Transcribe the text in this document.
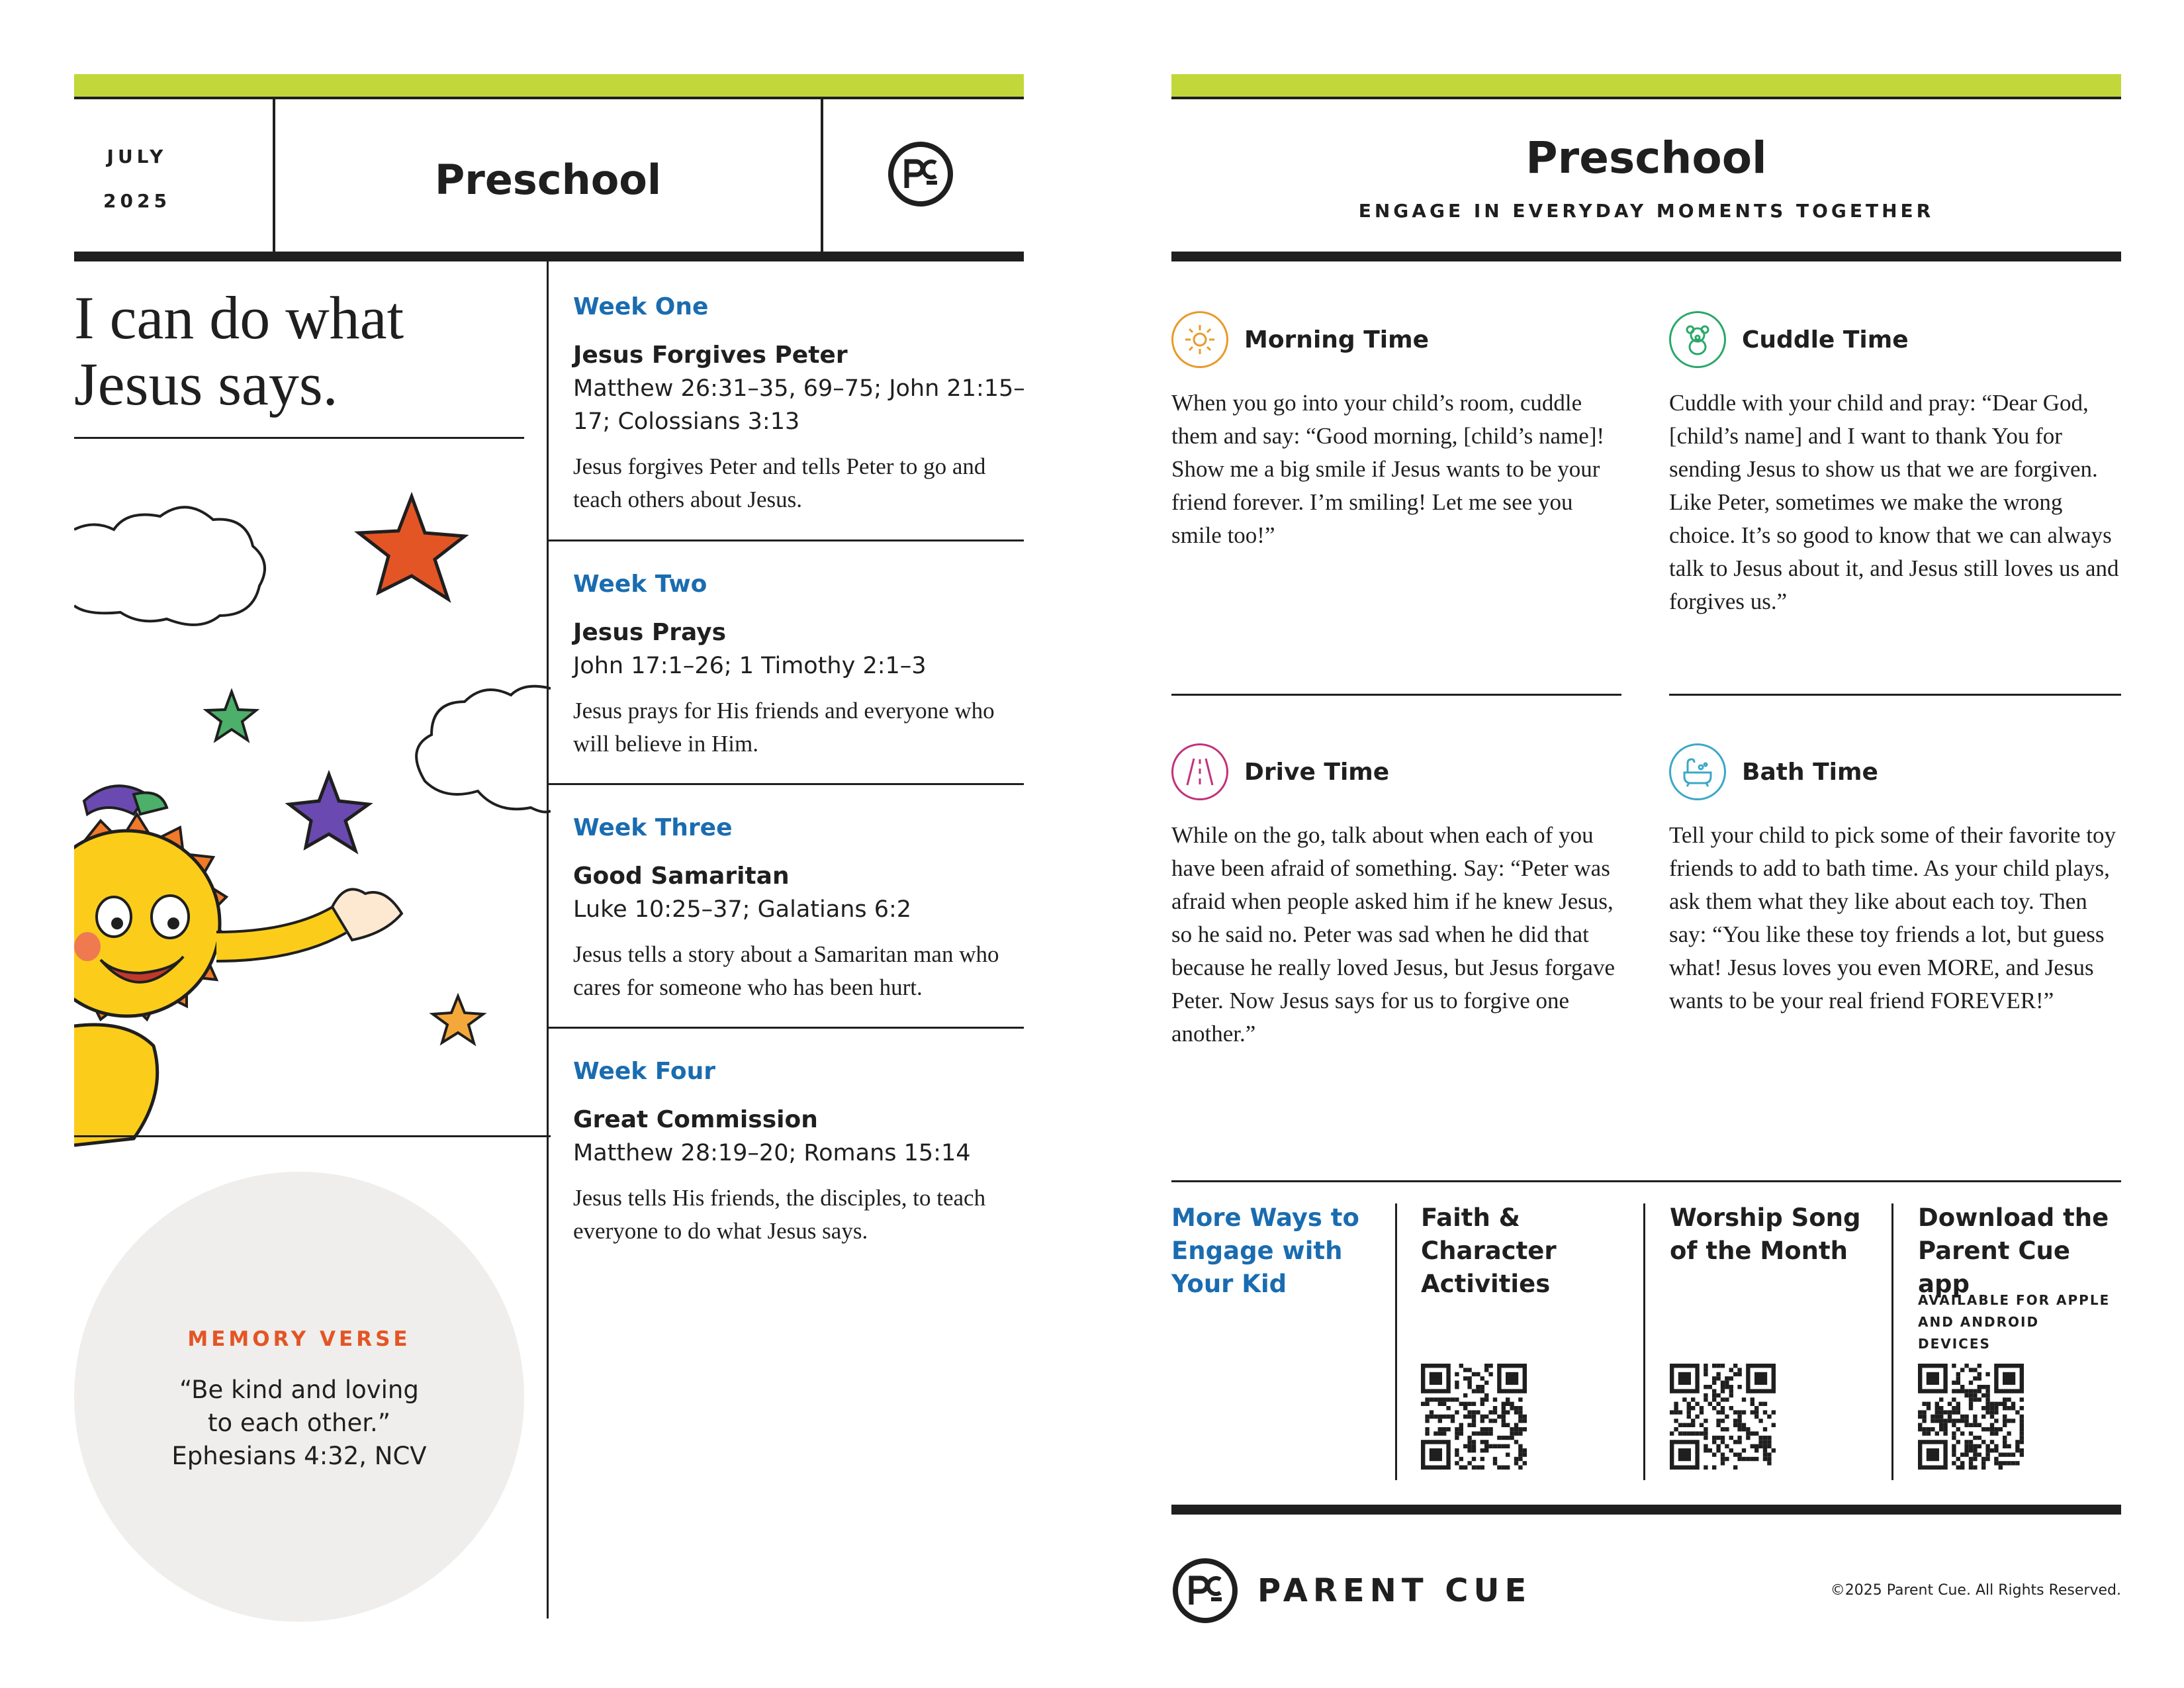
JULY
2025	Preschool
I can do what Jesus says.
MEMORY VERSE
“Be kind and loving
to each other.”
Ephesians 4:32, NCV
Week One
Jesus Forgives Peter
Matthew 26:31–35, 69–75; John 21:15–17; Colossians 3:13
Jesus forgives Peter and tells Peter to go and teach others about Jesus.
Week Two
Jesus Prays
John 17:1–26; 1 Timothy 2:1–3
Jesus prays for His friends and everyone who will believe in Him.
Week Three
Good Samaritan
Luke 10:25–37; Galatians 6:2
Jesus tells a story about a Samaritan man who cares for someone who has been hurt.
Week Four
Great Commission
Matthew 28:19–20; Romans 15:14
Jesus tells His friends, the disciples, to teach everyone to do what Jesus says.
Preschool
ENGAGE IN EVERYDAY MOMENTS TOGETHER
Morning Time
When you go into your child’s room, cuddle them and say: “Good morning, [child’s name]! Show me a big smile if Jesus wants to be your friend forever. I’m smiling! Let me see you smile too!”
Cuddle Time
Cuddle with your child and pray: “Dear God, [child’s name] and I want to thank You for sending Jesus to show us that we are forgiven. Like Peter, sometimes we make the wrong choice. It’s so good to know that we can always talk to Jesus about it, and Jesus still loves us and forgives us.”
Drive Time
While on the go, talk about when each of you have been afraid of something. Say: “Peter was afraid when people asked him if he knew Jesus, so he said no. Peter was sad when he did that because he really loved Jesus, but Jesus forgave Peter. Now Jesus says for us to forgive one another.”
Bath Time
Tell your child to pick some of their favorite toy friends to add to bath time. As your child plays, ask them what they like about each toy. Then say: “You like these toy friends a lot, but guess what! Jesus loves you even MORE, and Jesus wants to be your real friend FOREVER!”
More Ways to Engage with Your Kid
Faith & Character Activities
Worship Song of the Month
Download the Parent Cue app
AVAILABLE FOR APPLE AND ANDROID DEVICES
PARENT CUE	©2025 Parent Cue. All Rights Reserved.
